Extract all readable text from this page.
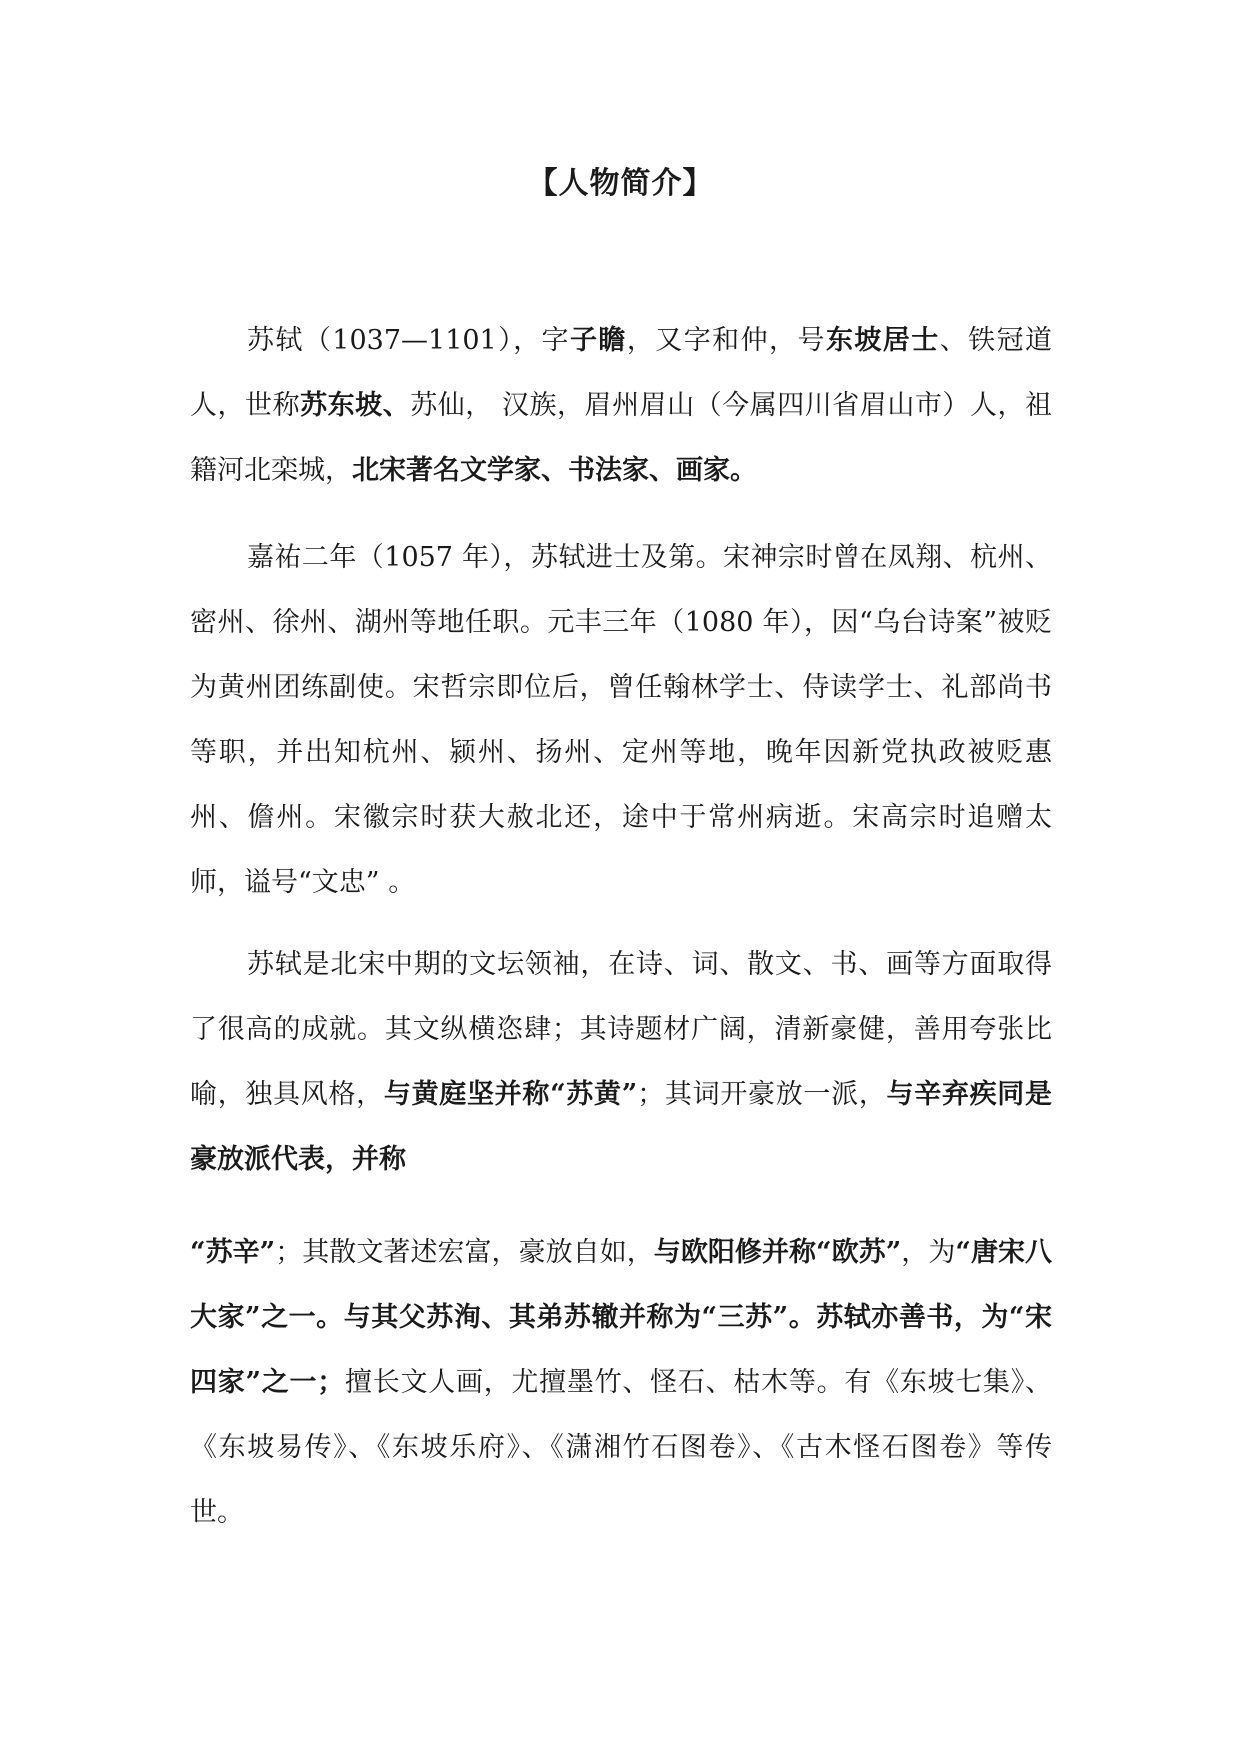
【人物简介】
苏轼（1037—1101），字子瞻，又字和仲，号东坡居士、铁冠道人，世称苏东坡、苏仙， 汉族，眉州眉山（今属四川省眉山市）人，祖籍河北栾城，北宋著名文学家、书法家、画家。
嘉祐二年（1057 年），苏轼进士及第。宋神宗时曾在凤翔、杭州、密州、徐州、湖州等地任职。元丰三年（1080 年），因“乌台诗案”被贬为黄州团练副使。宋哲宗即位后，曾任翰林学士、侍读学士、礼部尚书等职，并出知杭州、颍州、扬州、定州等地，晚年因新党执政被贬惠州、儋州。宋徽宗时获大赦北还，途中于常州病逝。宋高宗时追赠太师，谥号“文忠” 。
苏轼是北宋中期的文坛领袖，在诗、词、散文、书、画等方面取得了很高的成就。其文纵横恣肆；其诗题材广阔，清新豪健，善用夸张比喻，独具风格，与黄庭坚并称“苏黄”；其词开豪放一派，与辛弃疾同是豪放派代表，并称
“苏辛”；其散文著述宏富，豪放自如，与欧阳修并称“欧苏”，为“唐宋八大家”之一。与其父苏洵、其弟苏辙并称为“三苏”。苏轼亦善书，为“宋四家”之一；擅长文人画，尤擅墨竹、怪石、枯木等。有《东坡七集》、《东坡易传》、《东坡乐府》、《潇湘竹石图卷》、《古木怪石图卷》等传世。
